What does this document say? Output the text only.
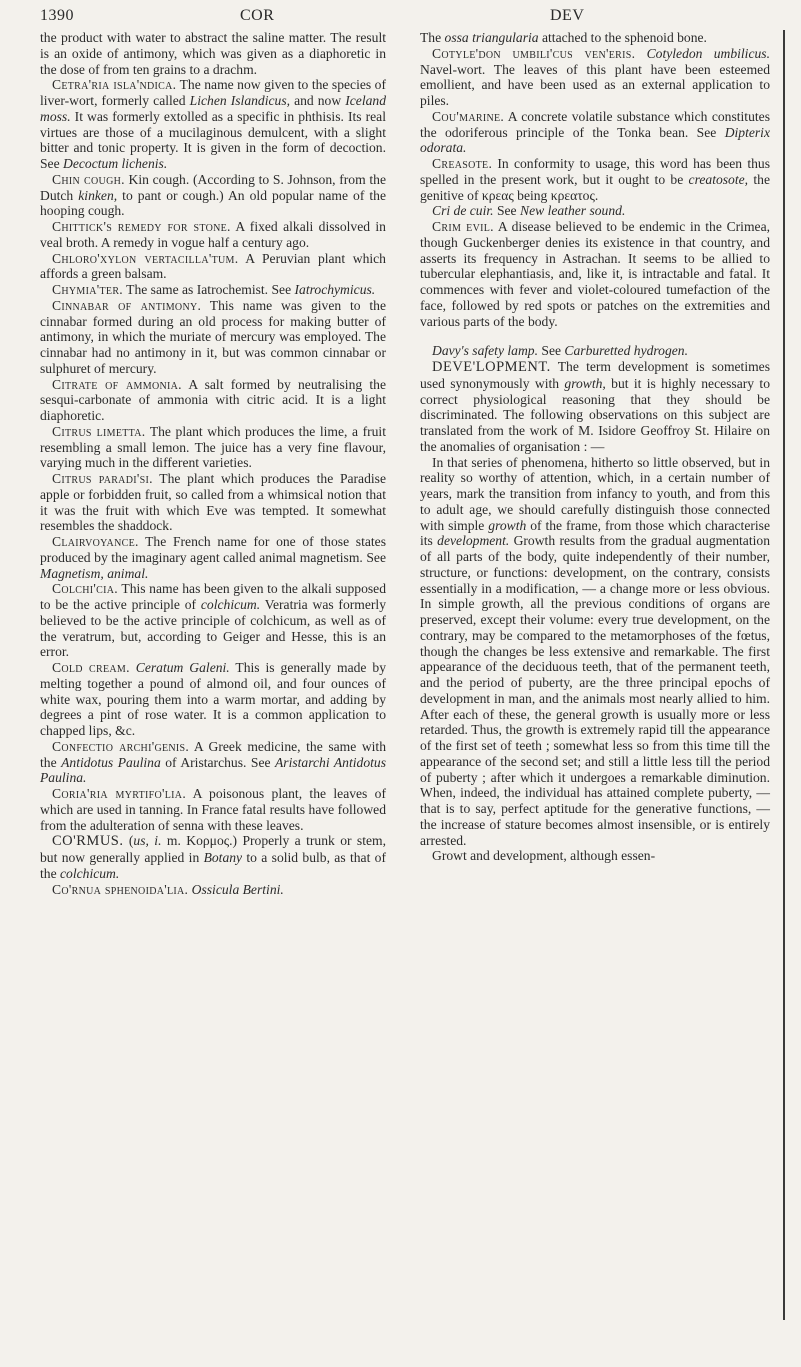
1390	COR	DEV

the product with water to abstract the saline matter. The result is an oxide of antimony, which was given as a diaphoretic in the dose of from ten grains to a drachm.

Cetra'ria isla'ndica. The name now given to the species of liver-wort, formerly called Lichen Islandicus, and now Iceland moss. It was formerly extolled as a specific in phthisis. Its real virtues are those of a mucilaginous demulcent, with a slight bitter and tonic property. It is given in the form of decoction. See Decoctum lichenis.

Chin cough. Kin cough. (According to S. Johnson, from the Dutch kinken, to pant or cough.) An old popular name of the hooping cough.

Chittick's remedy for stone. A fixed alkali dissolved in veal broth. A remedy in vogue half a century ago.

Chloro'xylon vertacilla'tum. A Peruvian plant which affords a green balsam.

Chymia'ter. The same as Iatrochemist. See Iatrochymicus.

Cinnabar of antimony. This name was given to the cinnabar formed during an old process for making butter of antimony, in which the muriate of mercury was employed. The cinnabar had no antimony in it, but was common cinnabar or sulphuret of mercury.

Citrate of ammonia. A salt formed by neutralising the sesqui-carbonate of ammonia with citric acid. It is a light diaphoretic.

Citrus limetta. The plant which produces the lime, a fruit resembling a small lemon. The juice has a very fine flavour, varying much in the different varieties.

Citrus paradi'si. The plant which produces the Paradise apple or forbidden fruit, so called from a whimsical notion that it was the fruit with which Eve was tempted. It somewhat resembles the shaddock.

Clairvoyance. The French name for one of those states produced by the imaginary agent called animal magnetism. See Magnetism, animal.

Colchi'cia. This name has been given to the alkali supposed to be the active principle of colchicum. Veratria was formerly believed to be the active principle of colchicum, as well as of the veratrum, but, according to Geiger and Hesse, this is an error.

Cold cream. Ceratum Galeni. This is generally made by melting together a pound of almond oil, and four ounces of white wax, pouring them into a warm mortar, and adding by degrees a pint of rose water. It is a common application to chapped lips, &c.

Confectio archi'genis. A Greek medicine, the same with the Antidotus Paulina of Aristarchus. See Aristarchi Antidotus Paulina.

Coria'ria myrtifo'lia. A poisonous plant, the leaves of which are used in tanning. In France fatal results have followed from the adulteration of senna with these leaves.

CO'RMUS. (us, i. m. Κορμος.) Properly a trunk or stem, but now generally applied in Botany to a solid bulb, as that of the colchicum.

Co'rnua sphenoida'lia. Ossicula Bertini.

The ossa triangularia attached to the sphenoid bone.

Cotyle'don umbili'cus ven'eris. Cotyledon umbilicus. Navel-wort. The leaves of this plant have been esteemed emollient, and have been used as an external application to piles.

Cou'marine. A concrete volatile substance which constitutes the odoriferous principle of the Tonka bean. See Dipterix odorata.

Creasote. In conformity to usage, this word has been thus spelled in the present work, but it ought to be creatosote, the genitive of κρεας being κρεατος.

Cri de cuir. See New leather sound.

Crim evil. A disease believed to be endemic in the Crimea, though Guckenberger denies its existence in that country, and asserts its frequency in Astrachan. It seems to be allied to tubercular elephantiasis, and, like it, is intractable and fatal. It commences with fever and violet-coloured tumefaction of the face, followed by red spots or patches on the extremities and various parts of the body.

Davy's safety lamp. See Carburetted hydrogen.

DEVE'LOPMENT. The term development is sometimes used synonymously with growth, but it is highly necessary to correct physiological reasoning that they should be discriminated. The following observations on this subject are translated from the work of M. Isidore Geoffroy St. Hilaire on the anomalies of organisation : —

In that series of phenomena, hitherto so little observed, but in reality so worthy of attention, which, in a certain number of years, mark the transition from infancy to youth, and from this to adult age, we should carefully distinguish those connected with simple growth of the frame, from those which characterise its development. Growth results from the gradual augmentation of all parts of the body, quite independently of their number, structure, or functions: development, on the contrary, consists essentially in a modification, — a change more or less obvious. In simple growth, all the previous conditions of organs are preserved, except their volume: every true development, on the contrary, may be compared to the metamorphoses of the fœtus, though the changes be less extensive and remarkable. The first appearance of the deciduous teeth, that of the permanent teeth, and the period of puberty, are the three principal epochs of development in man, and the animals most nearly allied to him. After each of these, the general growth is usually more or less retarded. Thus, the growth is extremely rapid till the appearance of the first set of teeth ; somewhat less so from this time till the appearance of the second set; and still a little less till the period of puberty ; after which it undergoes a remarkable diminution. When, indeed, the individual has attained complete puberty, — that is to say, perfect aptitude for the generative functions, — the increase of stature becomes almost insensible, or is entirely arrested.

Growt and development, although essen-
